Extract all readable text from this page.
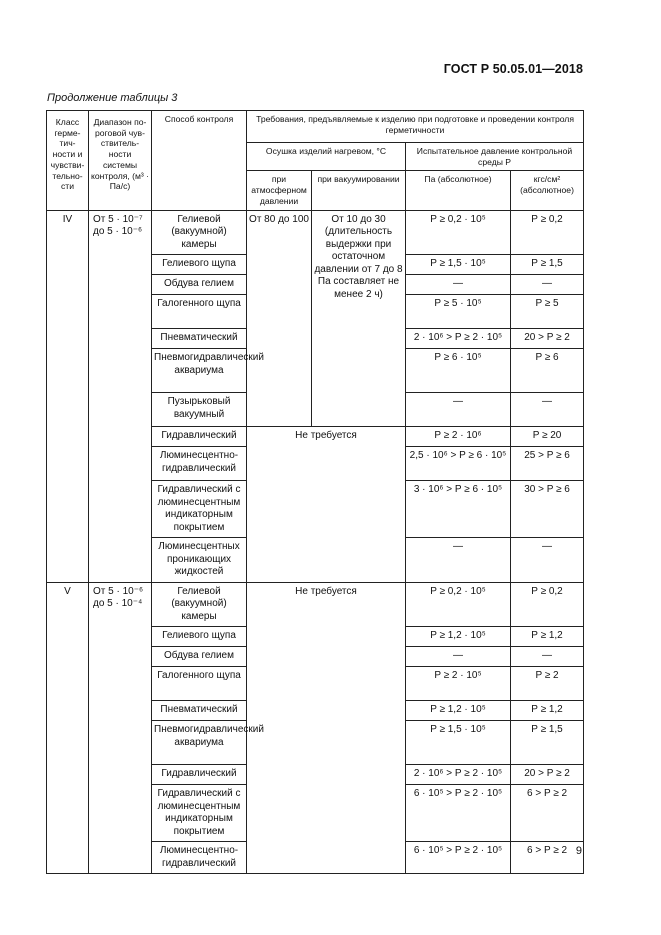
ГОСТ Р 50.05.01—2018
Продолжение таблицы 3
Класс герме-тич-ности и чувстви-тельно-сти	Диапазон по-роговой чув-ствитель-ности системы контроля, (м³ · Па/с)	Способ контроля	Требования, предъявляемые к изделию при подготовке и проведении контроля герметичности			
			Осушка изделий нагревом, °С		Испытательное давление контрольной среды P	
			при атмосферном давлении	при вакуумировании	Па (абсолютное)	кгс/см² (абсолютное)
IV	От 5 · 10⁻⁷ до 5 · 10⁻⁶	Гелиевой (вакуумной) камеры	От 80 до 100	От 10 до 30 (длительность выдержки при остаточном давлении от 7 до 8 Па составляет не менее 2 ч)	P ≥ 0,2 · 10⁵	P ≥ 0,2
		Гелиевого щупа			P ≥ 1,5 · 10⁵	P ≥ 1,5
		Обдува гелием			—	—
		Галогенного щупа			P ≥ 5 · 10⁵	P ≥ 5
		Пневматический			2 · 10⁶ > P ≥ 2 · 10⁵	20 > P ≥ 2
		Пневмогидравлический аквариума			P ≥ 6 · 10⁵	P ≥ 6
		Пузырьковый вакуумный			—	—
		Гидравлический	Не требуется		P ≥ 2 · 10⁶	P ≥ 20
		Люминесцентно-гидравлический			2,5 · 10⁶ > P ≥ 6 · 10⁵	25 > P ≥ 6
		Гидравлический с люминесцентным индикаторным покрытием			3 · 10⁶ > P ≥ 6 · 10⁵	30 > P ≥ 6
		Люминесцентных проникающих жидкостей			—	—
V	От 5 · 10⁻⁶ до 5 · 10⁻⁴	Гелиевой (вакуумной) камеры	Не требуется		P ≥ 0,2 · 10⁵	P ≥ 0,2
		Гелиевого щупа			P ≥ 1,2 · 10⁵	P ≥ 1,2
		Обдува гелием			—	—
		Галогенного щупа			P ≥ 2 · 10⁵	P ≥ 2
		Пневматический			P ≥ 1,2 · 10⁵	P ≥ 1,2
		Пневмогидравлический аквариума			P ≥ 1,5 · 10⁵	P ≥ 1,5
		Гидравлический			2 · 10⁶ > P ≥ 2 · 10⁵	20 > P ≥ 2
		Гидравлический с люминесцентным индикаторным покрытием			6 · 10⁵ > P ≥ 2 · 10⁵	6 > P ≥ 2
		Люминесцентно-гидравлический			6 · 10⁵ > P ≥ 2 · 10⁵	6 > P ≥ 2 9
